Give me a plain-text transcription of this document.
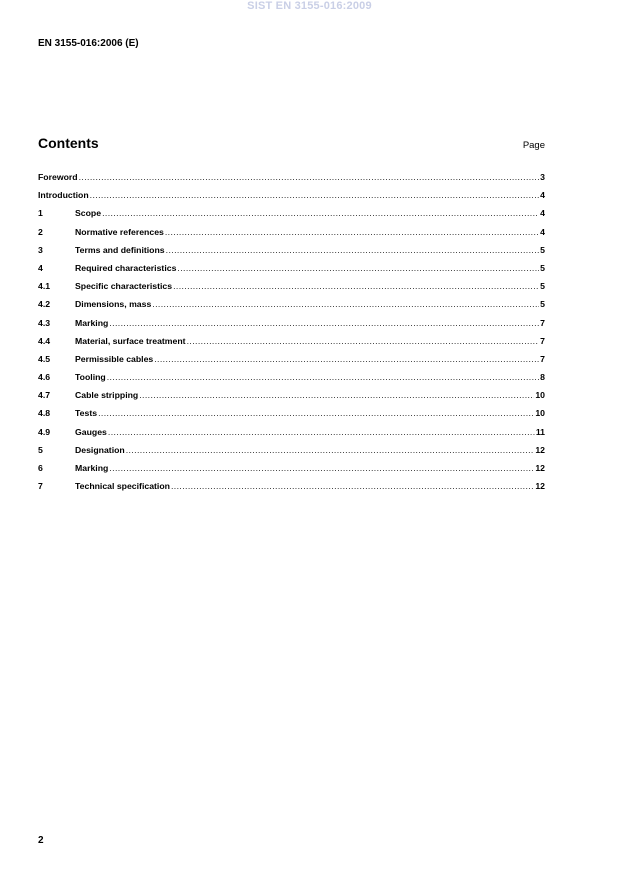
SIST EN 3155-016:2009
EN 3155-016:2006 (E)
Contents	Page
Foreword .....	3
Introduction .....	4
1	Scope .....	4
2	Normative references .....	4
3	Terms and definitions .....	5
4	Required characteristics .....	5
4.1	Specific characteristics .....	5
4.2	Dimensions, mass .....	5
4.3	Marking .....	7
4.4	Material, surface treatment .....	7
4.5	Permissible cables .....	7
4.6	Tooling .....	8
4.7	Cable stripping .....	10
4.8	Tests .....	10
4.9	Gauges .....	11
5	Designation .....	12
6	Marking .....	12
7	Technical specification .....	12
2
